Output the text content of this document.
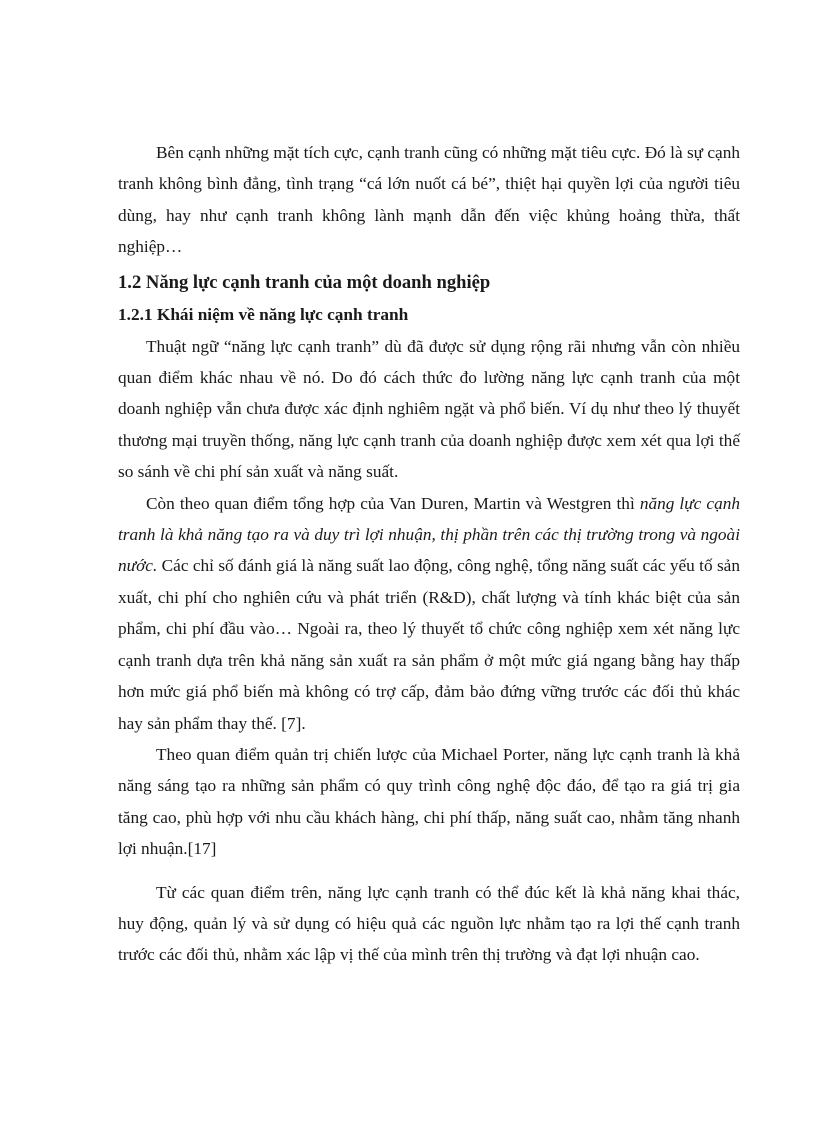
Bên cạnh những mặt tích cực, cạnh tranh cũng có những mặt tiêu cực. Đó là sự cạnh tranh không bình đẳng, tình trạng “cá lớn nuốt cá bé”, thiệt hại quyền lợi của người tiêu dùng, hay như cạnh tranh không lành mạnh dẫn đến việc khủng hoảng thừa, thất nghiệp…

1.2 Năng lực cạnh tranh của một doanh nghiệp
1.2.1 Khái niệm về năng lực cạnh tranh

Thuật ngữ “năng lực cạnh tranh” dù đã được sử dụng rộng rãi nhưng vẫn còn nhiều quan điểm khác nhau về nó. Do đó cách thức đo lường năng lực cạnh tranh của một doanh nghiệp vẫn chưa được xác định nghiêm ngặt và phổ biến. Ví dụ như theo lý thuyết thương mại truyền thống, năng lực cạnh tranh của doanh nghiệp được xem xét qua lợi thế so sánh về chi phí sản xuất và năng suất.

Còn theo quan điểm tổng hợp của Van Duren, Martin và Westgren thì năng lực cạnh tranh là khả năng tạo ra và duy trì lợi nhuận, thị phần trên các thị trường trong và ngoài nước. Các chỉ số đánh giá là năng suất lao động, công nghệ, tổng năng suất các yếu tố sản xuất, chi phí cho nghiên cứu và phát triển (R&D), chất lượng và tính khác biệt của sản phẩm, chi phí đầu vào… Ngoài ra, theo lý thuyết tổ chức công nghiệp xem xét năng lực cạnh tranh dựa trên khả năng sản xuất ra sản phẩm ở một mức giá ngang bằng hay thấp hơn mức giá phổ biến mà không có trợ cấp, đảm bảo đứng vững trước các đối thủ khác hay sản phẩm thay thế. [7].

Theo quan điểm quản trị chiến lược của Michael Porter, năng lực cạnh tranh là khả năng sáng tạo ra những sản phẩm có quy trình công nghệ độc đáo, để tạo ra giá trị gia tăng cao, phù hợp với nhu cầu khách hàng, chi phí thấp, năng suất cao, nhằm tăng nhanh lợi nhuận.[17]

Từ các quan điểm trên, năng lực cạnh tranh có thể đúc kết là khả năng khai thác, huy động, quản lý và sử dụng có hiệu quả các nguồn lực nhằm tạo ra lợi thế cạnh tranh trước các đối thủ, nhằm xác lập vị thế của mình trên thị trường và đạt lợi nhuận cao.
